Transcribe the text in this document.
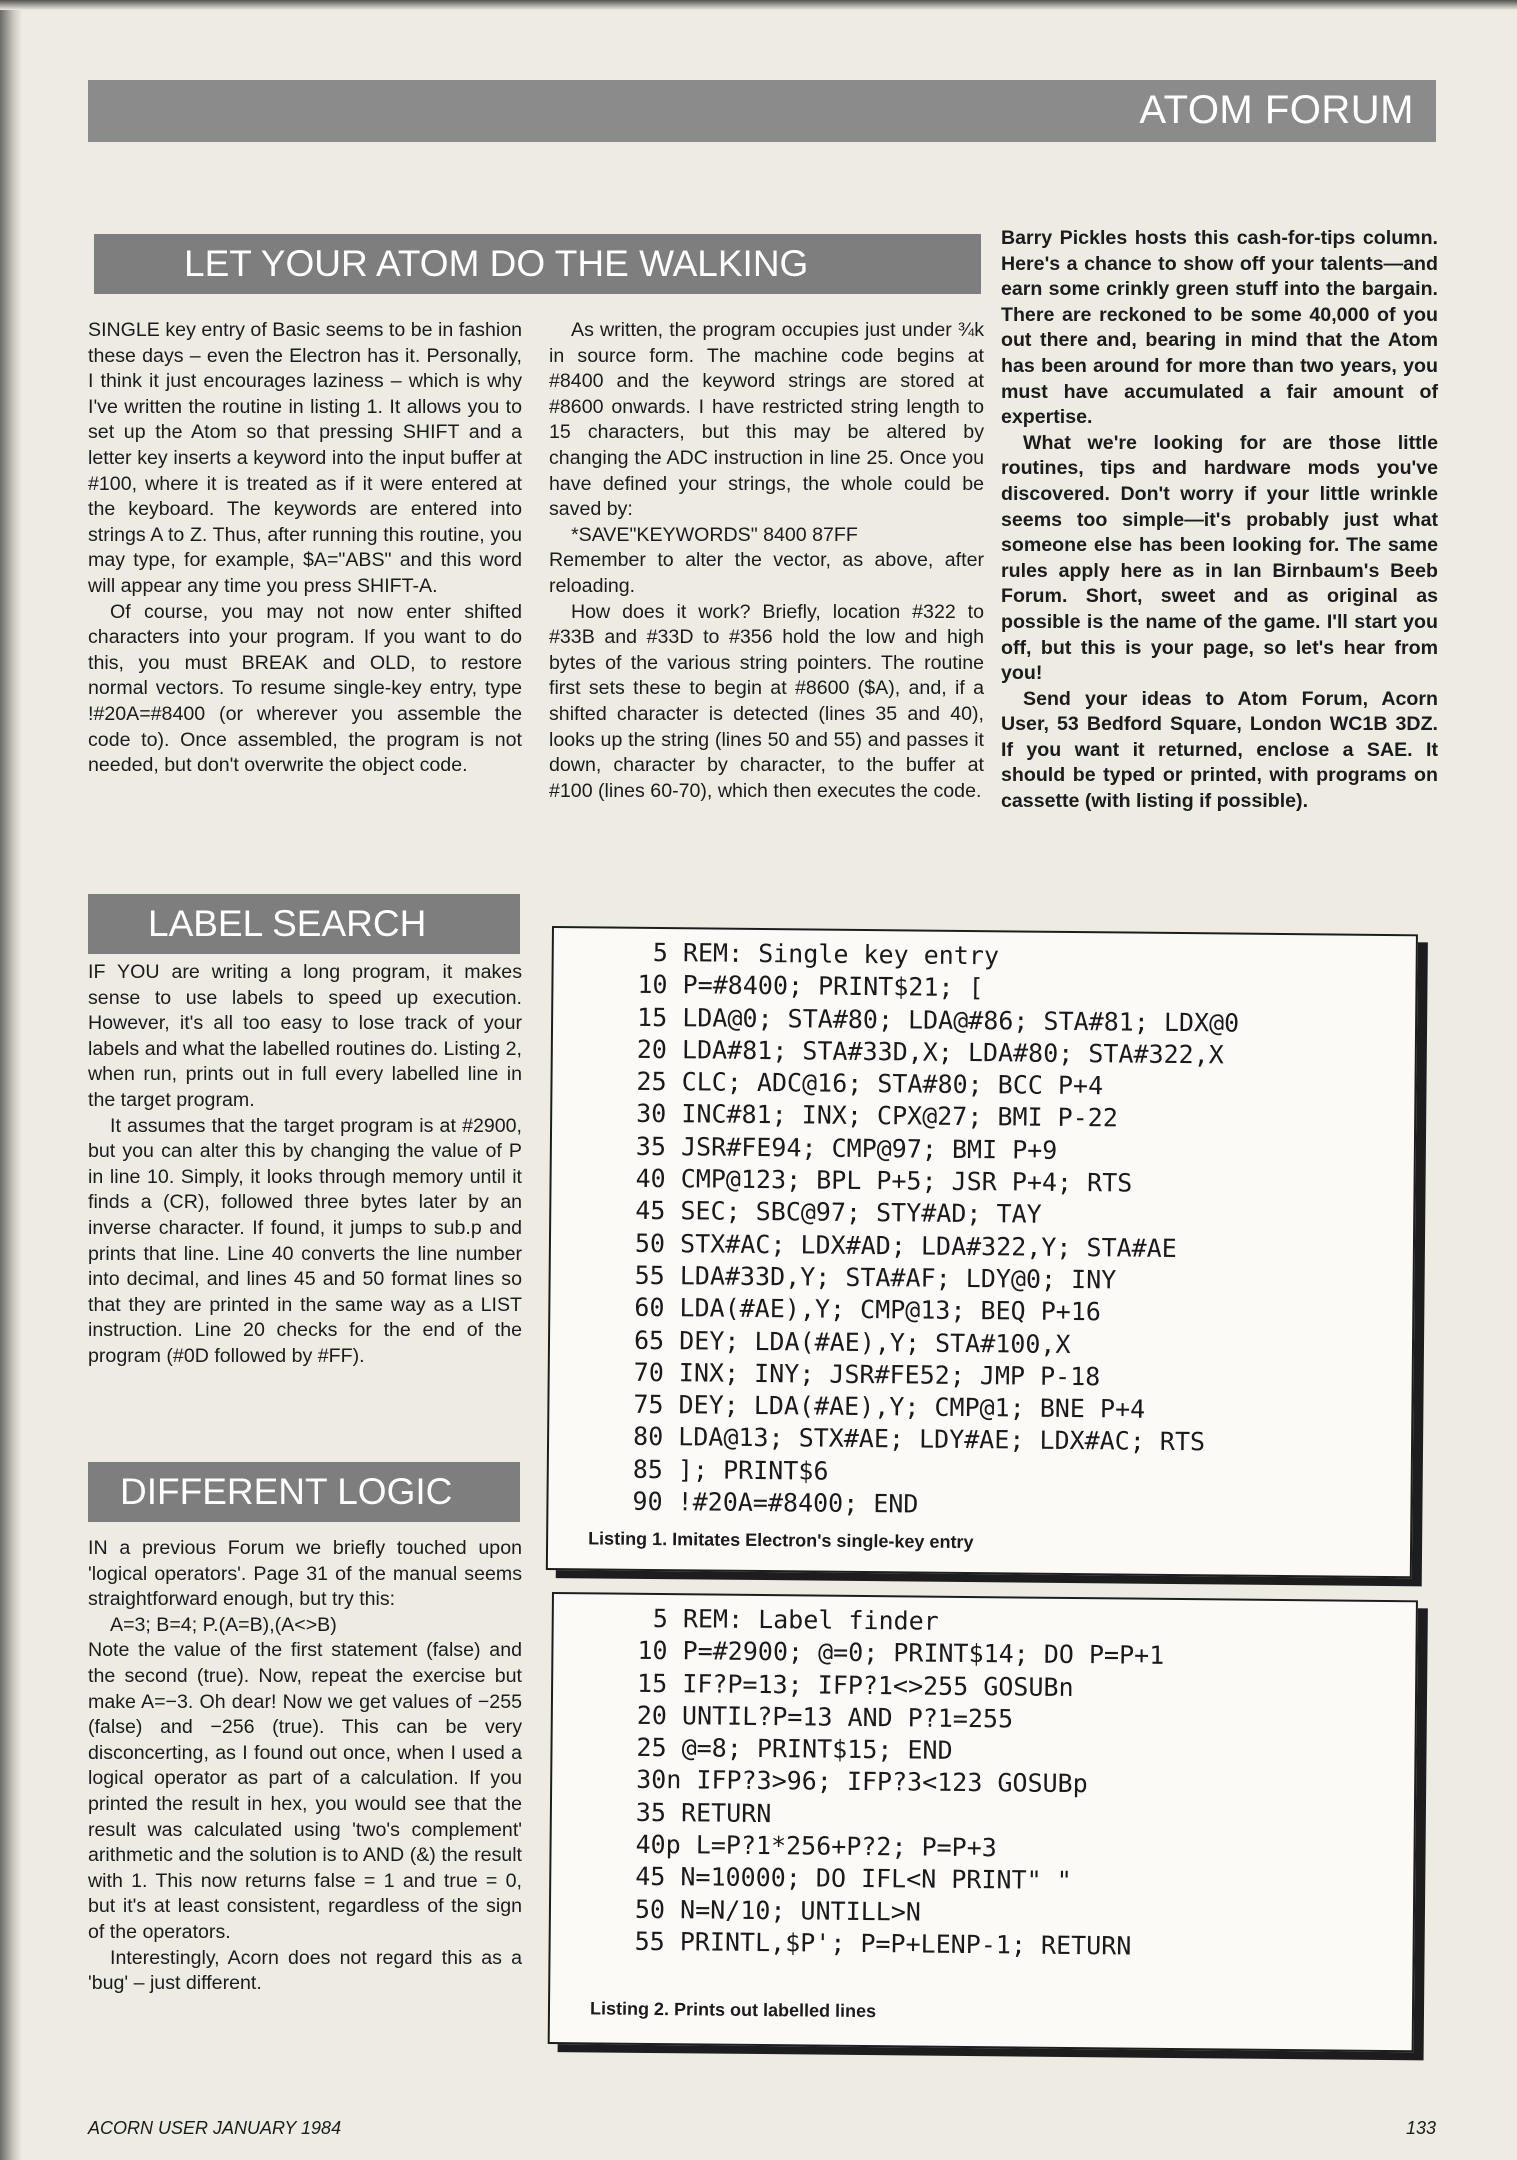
ATOM FORUM
LET YOUR ATOM DO THE WALKING

SINGLE key entry of Basic seems to be in fashion these days – even the Electron has it. Personally, I think it just encourages laziness – which is why I've written the routine in listing 1. It allows you to set up the Atom so that pressing SHIFT and a letter key inserts a keyword into the input buffer at #100, where it is treated as if it were entered at the keyboard. The keywords are entered into strings A to Z. Thus, after running this routine, you may type, for example, $A="ABS" and this word will appear any time you press SHIFT-A.

Of course, you may not now enter shifted characters into your program. If you want to do this, you must BREAK and OLD, to restore normal vectors. To resume single-key entry, type !#20A=#8400 (or wherever you assemble the code to). Once assembled, the program is not needed, but don't overwrite the object code.

As written, the program occupies just under ¾k in source form. The machine code begins at #8400 and the keyword strings are stored at #8600 onwards. I have restricted string length to 15 characters, but this may be altered by changing the ADC instruction in line 25. Once you have defined your strings, the whole could be saved by:

*SAVE"KEYWORDS" 8400 87FF

Remember to alter the vector, as above, after reloading.

How does it work? Briefly, location #322 to #33B and #33D to #356 hold the low and high bytes of the various string pointers. The routine first sets these to begin at #8600 ($A), and, if a shifted character is detected (lines 35 and 40), looks up the string (lines 50 and 55) and passes it down, character by character, to the buffer at #100 (lines 60-70), which then executes the code.

Barry Pickles hosts this cash-for-tips column. Here's a chance to show off your talents—and earn some crinkly green stuff into the bargain. There are reckoned to be some 40,000 of you out there and, bearing in mind that the Atom has been around for more than two years, you must have accumulated a fair amount of expertise.

What we're looking for are those little routines, tips and hardware mods you've discovered. Don't worry if your little wrinkle seems too simple—it's probably just what someone else has been looking for. The same rules apply here as in Ian Birnbaum's Beeb Forum. Short, sweet and as original as possible is the name of the game. I'll start you off, but this is your page, so let's hear from you!

Send your ideas to Atom Forum, Acorn User, 53 Bedford Square, London WC1B 3DZ. If you want it returned, enclose a SAE. It should be typed or printed, with programs on cassette (with listing if possible).

LABEL SEARCH

IF YOU are writing a long program, it makes sense to use labels to speed up execution. However, it's all too easy to lose track of your labels and what the labelled routines do. Listing 2, when run, prints out in full every labelled line in the target program.

It assumes that the target program is at #2900, but you can alter this by changing the value of P in line 10. Simply, it looks through memory until it finds a (CR), followed three bytes later by an inverse character. If found, it jumps to sub.p and prints that line. Line 40 converts the line number into decimal, and lines 45 and 50 format lines so that they are printed in the same way as a LIST instruction. Line 20 checks for the end of the program (#0D followed by #FF).

DIFFERENT LOGIC

IN a previous Forum we briefly touched upon 'logical operators'. Page 31 of the manual seems straightforward enough, but try this:

A=3; B=4; P.(A=B),(A<>B)

Note the value of the first statement (false) and the second (true). Now, repeat the exercise but make A=−3. Oh dear! Now we get values of −255 (false) and −256 (true). This can be very disconcerting, as I found out once, when I used a logical operator as part of a calculation. If you printed the result in hex, you would see that the result was calculated using 'two's complement' arithmetic and the solution is to AND (&) the result with 1. This now returns false = 1 and true = 0, but it's at least consistent, regardless of the sign of the operators.

Interestingly, Acorn does not regard this as a 'bug' – just different.

5 REM: Single key entry
10 P=#8400; PRINT$21; [
15 LDA@0; STA#80; LDA@#86; STA#81; LDX@0
20 LDA#81; STA#33D,X; LDA#80; STA#322,X
25 CLC; ADC@16; STA#80; BCC P+4
30 INC#81; INX; CPX@27; BMI P-22
35 JSR#FE94; CMP@97; BMI P+9
40 CMP@123; BPL P+5; JSR P+4; RTS
45 SEC; SBC@97; STY#AD; TAY
50 STX#AC; LDX#AD; LDA#322,Y; STA#AE
55 LDA#33D,Y; STA#AF; LDY@0; INY
60 LDA(#AE),Y; CMP@13; BEQ P+16
65 DEY; LDA(#AE),Y; STA#100,X
70 INX; INY; JSR#FE52; JMP P-18
75 DEY; LDA(#AE),Y; CMP@1; BNE P+4
80 LDA@13; STX#AE; LDY#AE; LDX#AC; RTS
85 ]; PRINT$6
90 !#20A=#8400; END
Listing 1. Imitates Electron's single-key entry
5 REM: Label finder
10 P=#2900; @=0; PRINT$14; DO P=P+1
15 IF?P=13; IFP?1<>255 GOSUBn
20 UNTIL?P=13 AND P?1=255
25 @=8; PRINT$15; END
30n IFP?3>96; IFP?3<123 GOSUBp
35 RETURN
40p L=P?1*256+P?2; P=P+3
45 N=10000; DO IFL<N PRINT" "
50 N=N/10; UNTILL>N
55 PRINTL,$P'; P=P+LENP-1; RETURN
Listing 2. Prints out labelled lines
ACORN USER JANUARY 1984	133
